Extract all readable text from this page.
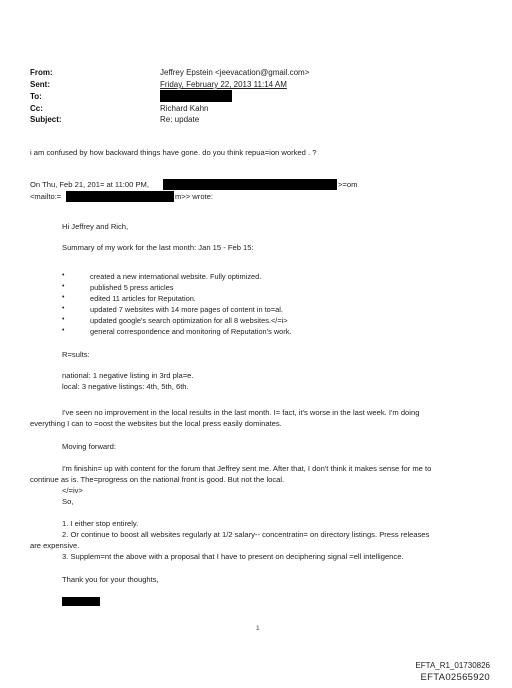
From:
Sent:
To:
Cc:
Subject:
Jeffrey Epstein <jeevacation@gmail.com>
Friday, February 22, 2013 11:14 AM
Richard Kahn
Re: update
i am confused by how backward things have gone. do you think repua=ion worked . ?
On Thu, Feb 21, 201= at 11:00 PM,	>=om
<mailto:=	m>> wrote:
Hi Jeffrey and Rich,
Summary of my work for the last month: Jan 15 - Feb 15:
•
•
•
•
•
•
created a new international website. Fully optimized.
published 5 press articles
edited 11 articles for Reputation.
updated 7 websites with 14 more pages of content in to=al.
updated google's search optimization for all 8 websites.</=i>
general correspondence and monitoring of Reputation's work.
R=sults:
national: 1 negative listing in 3rd pla=e.
local: 3 negative listings: 4th, 5th, 6th.
I've seen no improvement in the local results in the last month. I= fact, it's worse in the last week. I'm doing
everything I can to =oost the websites but the local press easily dominates.
Moving forward:
I'm finishin= up with content for the forum that Jeffrey sent me. After that, I don't think it makes sense for me to
continue as is. The=progress on the national front is good. But not the local.
</=iv>
So,
1. I either stop entirely.
2. Or continue to boost all websites regularly at 1/2 salary-- concentratin= on directory listings. Press releases
are expensive.
3. Supplem=nt the above with a proposal that I have to present on deciphering signal =ell intelligence.
Thank you for your thoughts,
1
EFTA_R1_01730826
EFTA02565920
